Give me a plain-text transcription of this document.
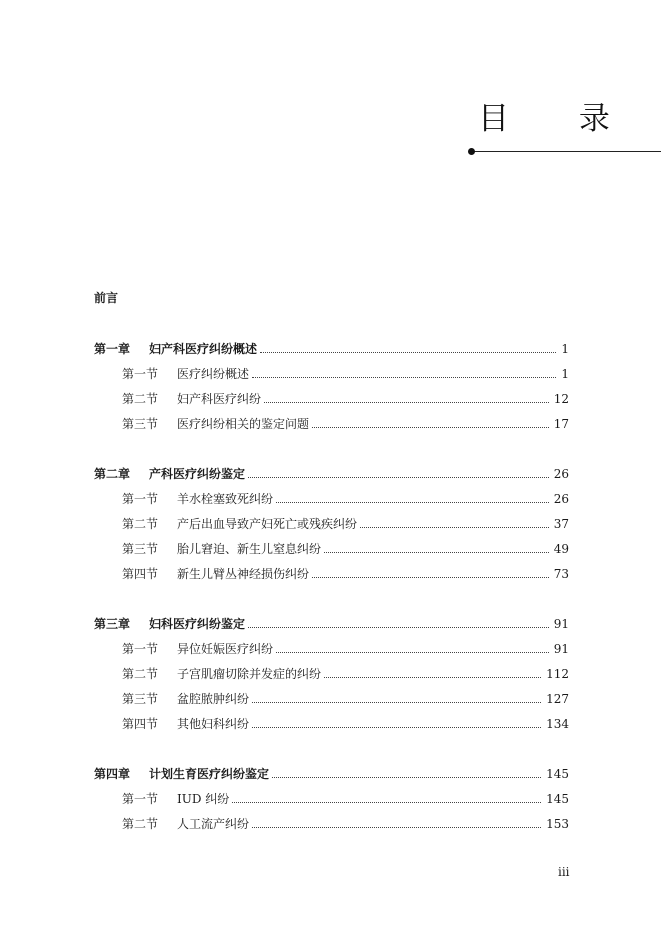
目 录
前言
第一章	妇产科医疗纠纷概述	1
第一节	医疗纠纷概述	1
第二节	妇产科医疗纠纷	12
第三节	医疗纠纷相关的鉴定问题	17
第二章	产科医疗纠纷鉴定	26
第一节	羊水栓塞致死纠纷	26
第二节	产后出血导致产妇死亡或残疾纠纷	37
第三节	胎儿窘迫、新生儿窒息纠纷	49
第四节	新生儿臂丛神经损伤纠纷	73
第三章	妇科医疗纠纷鉴定	91
第一节	异位妊娠医疗纠纷	91
第二节	子宫肌瘤切除并发症的纠纷	112
第三节	盆腔脓肿纠纷	127
第四节	其他妇科纠纷	134
第四章	计划生育医疗纠纷鉴定	145
第一节	IUD 纠纷	145
第二节	人工流产纠纷	153
iii
